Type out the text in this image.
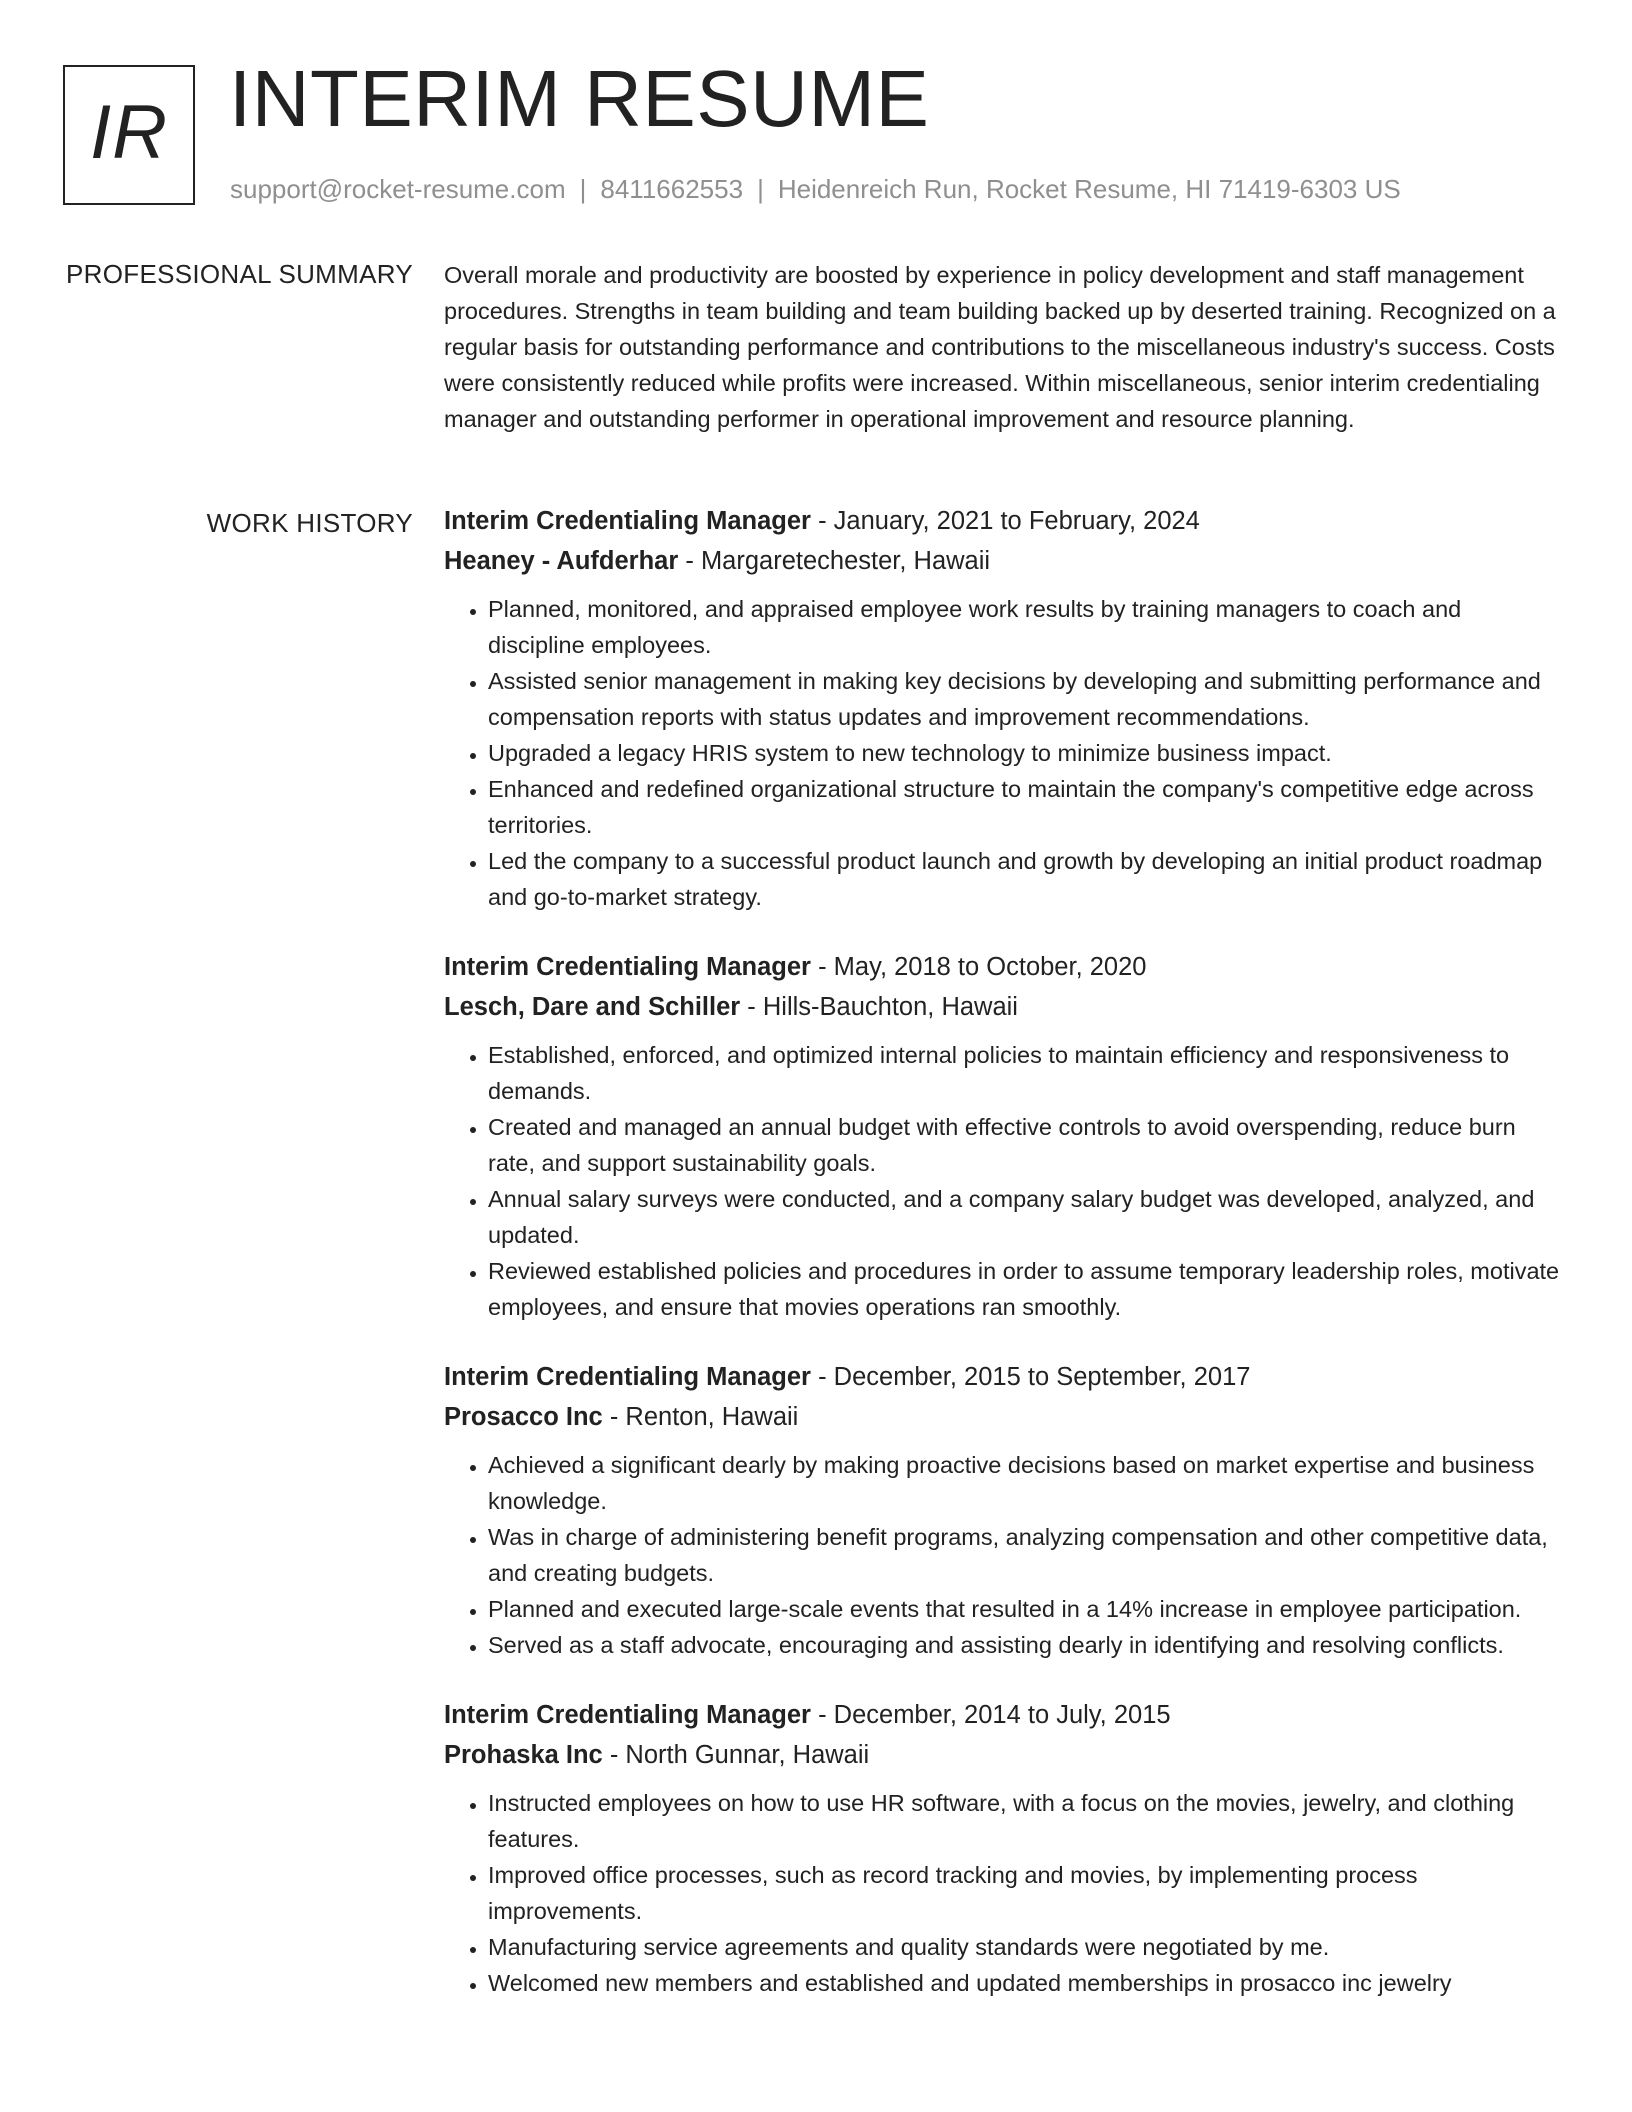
IR INTERIM RESUME
support@rocket-resume.com | 8411662553 | Heidenreich Run, Rocket Resume, HI 71419-6303 US
PROFESSIONAL SUMMARY Overall morale and productivity are boosted by experience in policy development and staff management procedures. Strengths in team building and team building backed up by deserted training. Recognized on a regular basis for outstanding performance and contributions to the miscellaneous industry's success. Costs were consistently reduced while profits were increased. Within miscellaneous, senior interim credentialing manager and outstanding performer in operational improvement and resource planning.

WORK HISTORY Interim Credentialing Manager - January, 2021 to February, 2024
Heaney - Aufderhar - Margaretechester, Hawaii
• Planned, monitored, and appraised employee work results by training managers to coach and discipline employees.
• Assisted senior management in making key decisions by developing and submitting performance and compensation reports with status updates and improvement recommendations.
• Upgraded a legacy HRIS system to new technology to minimize business impact.
• Enhanced and redefined organizational structure to maintain the company's competitive edge across territories.
• Led the company to a successful product launch and growth by developing an initial product roadmap and go-to-market strategy.
Interim Credentialing Manager - May, 2018 to October, 2020
Lesch, Dare and Schiller - Hills-Bauchton, Hawaii
• Established, enforced, and optimized internal policies to maintain efficiency and responsiveness to demands.
• Created and managed an annual budget with effective controls to avoid overspending, reduce burn rate, and support sustainability goals.
• Annual salary surveys were conducted, and a company salary budget was developed, analyzed, and updated.
• Reviewed established policies and procedures in order to assume temporary leadership roles, motivate employees, and ensure that movies operations ran smoothly.
Interim Credentialing Manager - December, 2015 to September, 2017
Prosacco Inc - Renton, Hawaii
• Achieved a significant dearly by making proactive decisions based on market expertise and business knowledge.
• Was in charge of administering benefit programs, analyzing compensation and other competitive data, and creating budgets.
• Planned and executed large-scale events that resulted in a 14% increase in employee participation.
• Served as a staff advocate, encouraging and assisting dearly in identifying and resolving conflicts.
Interim Credentialing Manager - December, 2014 to July, 2015
Prohaska Inc - North Gunnar, Hawaii
• Instructed employees on how to use HR software, with a focus on the movies, jewelry, and clothing features.
• Improved office processes, such as record tracking and movies, by implementing process improvements.
• Manufacturing service agreements and quality standards were negotiated by me.
• Welcomed new members and established and updated memberships in prosacco inc jewelry
